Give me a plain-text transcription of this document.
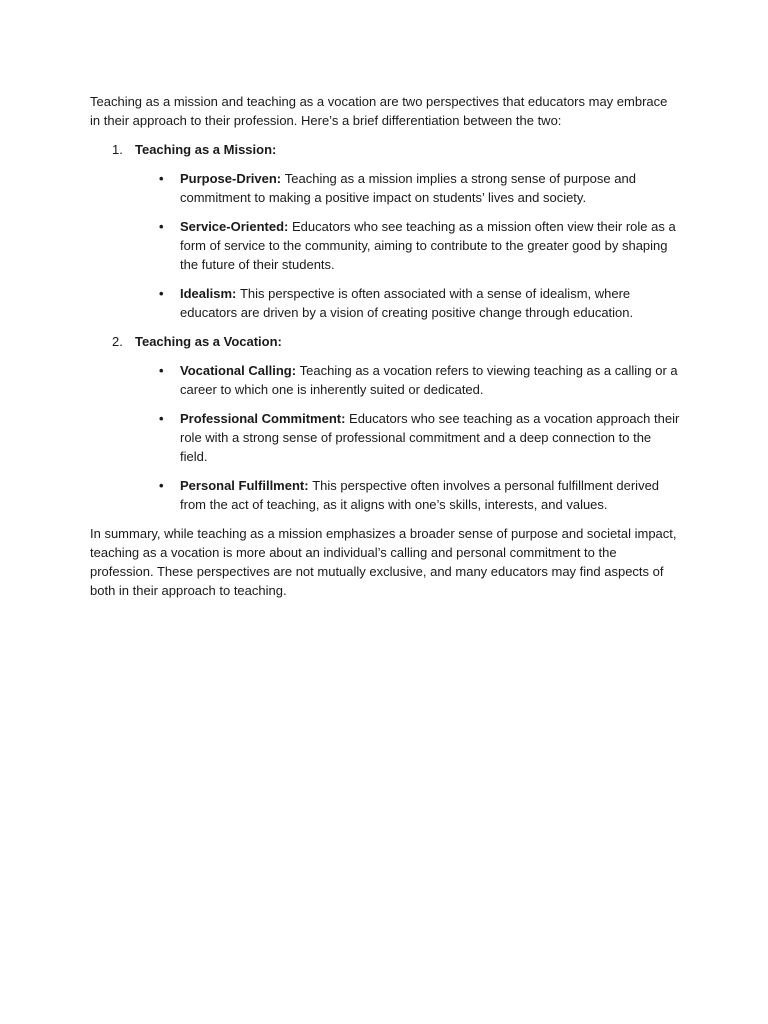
Teaching as a mission and teaching as a vocation are two perspectives that educators may embrace in their approach to their profession. Here’s a brief differentiation between the two:

1. Teaching as a Mission:
• Purpose-Driven: Teaching as a mission implies a strong sense of purpose and commitment to making a positive impact on students’ lives and society.
• Service-Oriented: Educators who see teaching as a mission often view their role as a form of service to the community, aiming to contribute to the greater good by shaping the future of their students.
• Idealism: This perspective is often associated with a sense of idealism, where educators are driven by a vision of creating positive change through education.
2. Teaching as a Vocation:
• Vocational Calling: Teaching as a vocation refers to viewing teaching as a calling or a career to which one is inherently suited or dedicated.
• Professional Commitment: Educators who see teaching as a vocation approach their role with a strong sense of professional commitment and a deep connection to the field.
• Personal Fulfillment: This perspective often involves a personal fulfillment derived from the act of teaching, as it aligns with one’s skills, interests, and values.

In summary, while teaching as a mission emphasizes a broader sense of purpose and societal impact, teaching as a vocation is more about an individual’s calling and personal commitment to the profession. These perspectives are not mutually exclusive, and many educators may find aspects of both in their approach to teaching.
